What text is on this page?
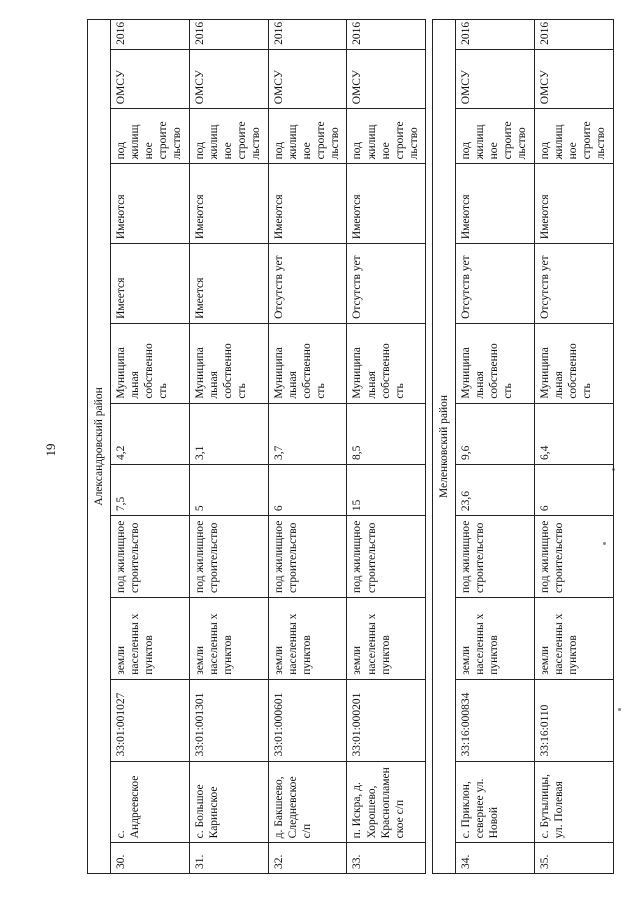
19	Александровский район												
30.	с. Андреевское	33:01:001027	земли населенны х пунктов	под жилищное строительство	7,5	4,2	Муниципа льная собственно сть	Имеется	Имеются	под жилищ ное строите льство	ОМСУ	2016
31.	с. Большое Каринское	33:01:001301	земли населенны х пунктов	под жилищное строительство	5	3,1	Муниципа льная собственно сть	Имеется	Имеются	под жилищ ное строите льство	ОМСУ	2016
32.	д. Бакшеево, Следневское с/п	33:01:000601	земли населенны х пунктов	под жилищное строительство	6	3,7	Муниципа льная собственно сть	Отсутств ует	Имеются	под жилищ ное строите льство	ОМСУ	2016
33.	п. Искра, д. Хорошево, Краснопламен ское с/п	33:01:000201	земли населенны х пунктов	под жилищное строительство	15	8,5	Муниципа льная собственно сть	Отсутств ует	Имеются	под жилищ ное строите льство	ОМСУ	2016

Меленковский район												
34.	с. Приклон, севернее ул. Новой	33:16:000834	земли населенны х пунктов	под жилищное строительство	23,6	9,6	Муниципа льная собственно сть	Отсутств ует	Имеются	под жилищ ное строите льство	ОМСУ	2016
35.	с. Бутылицы, ул. Полевая	33:16:0110	земли населенны х пунктов	под жилищное строительство	6	6,4	Муниципа льная собственно сть	Отсутств ует	Имеются	под жилищ ное строите льство	ОМСУ	2016
